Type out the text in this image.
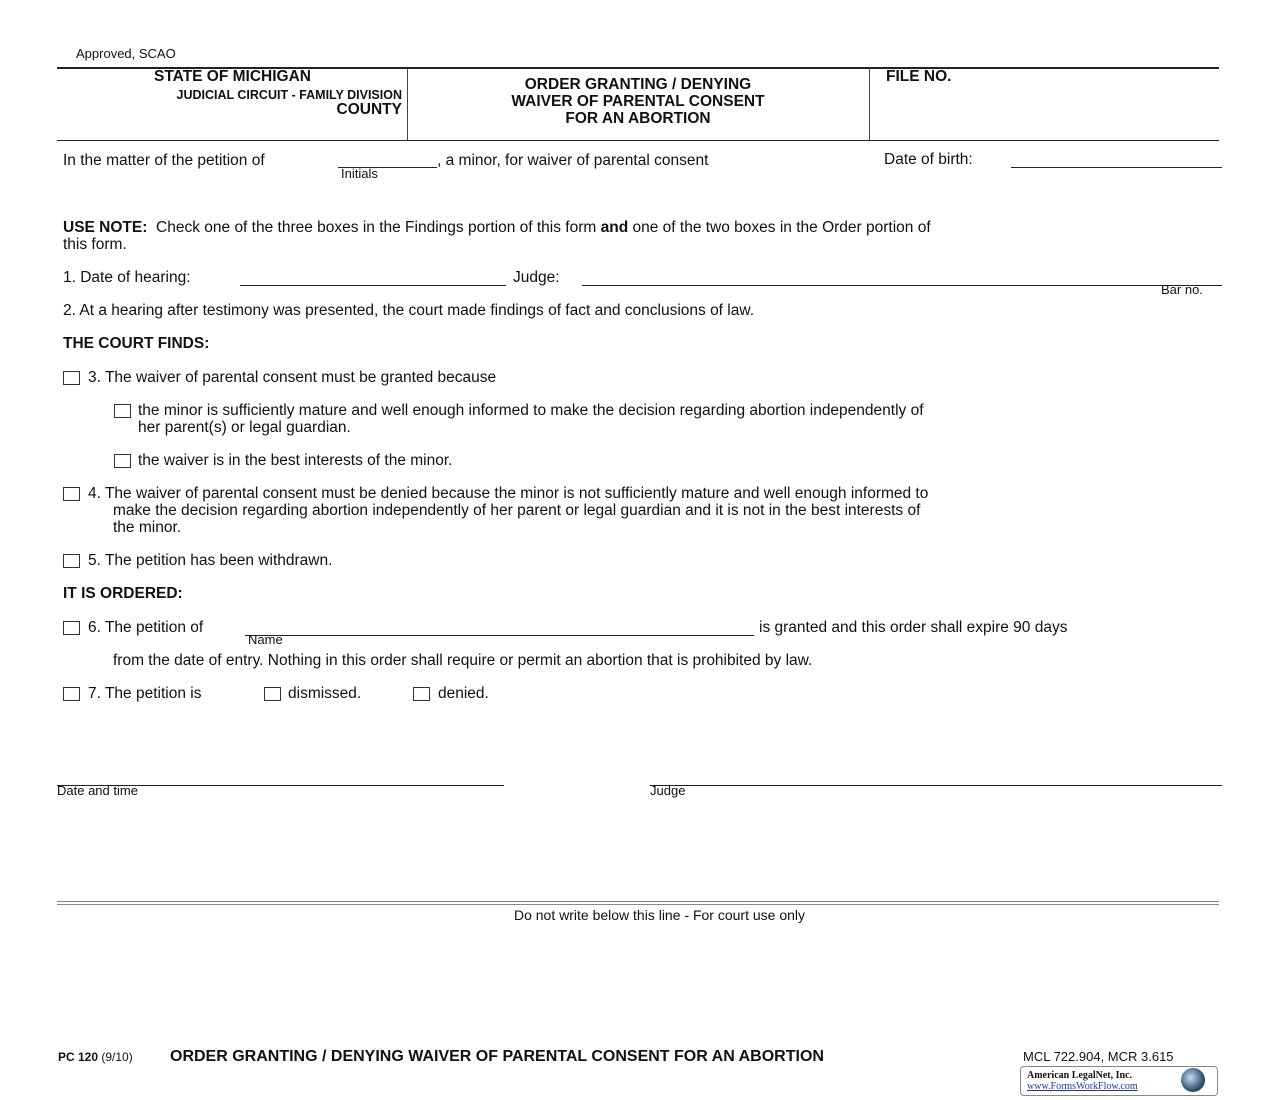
Approved, SCAO
STATE OF MICHIGAN
JUDICIAL CIRCUIT - FAMILY DIVISION
COUNTY
ORDER GRANTING / DENYING
WAIVER OF PARENTAL CONSENT
FOR AN ABORTION
FILE NO.
In the matter of the petition of
Initials
, a minor, for waiver of parental consent	Date of birth:
USE NOTE: Check one of the three boxes in the Findings portion of this form and one of the two boxes in the Order portion of
this form.
1. Date of hearing:	Judge:
Bar no.
2. At a hearing after testimony was presented, the court made findings of fact and conclusions of law.
THE COURT FINDS:
3. The waiver of parental consent must be granted because
the minor is sufficiently mature and well enough informed to make the decision regarding abortion independently of
her parent(s) or legal guardian.
the waiver is in the best interests of the minor.
4. The waiver of parental consent must be denied because the minor is not sufficiently mature and well enough informed to
make the decision regarding abortion independently of her parent or legal guardian and it is not in the best interests of
the minor.
5. The petition has been withdrawn.
IT IS ORDERED:
6. The petition of
Name
is granted and this order shall expire 90 days
from the date of entry. Nothing in this order shall require or permit an abortion that is prohibited by law.
7. The petition is	dismissed.	denied.
Date and time	Judge
Do not write below this line - For court use only
PC 120 (9/10) ORDER GRANTING / DENYING WAIVER OF PARENTAL CONSENT FOR AN ABORTION	MCL 722.904, MCR 3.615
American LegalNet, Inc.
www.FormsWorkFlow.com
